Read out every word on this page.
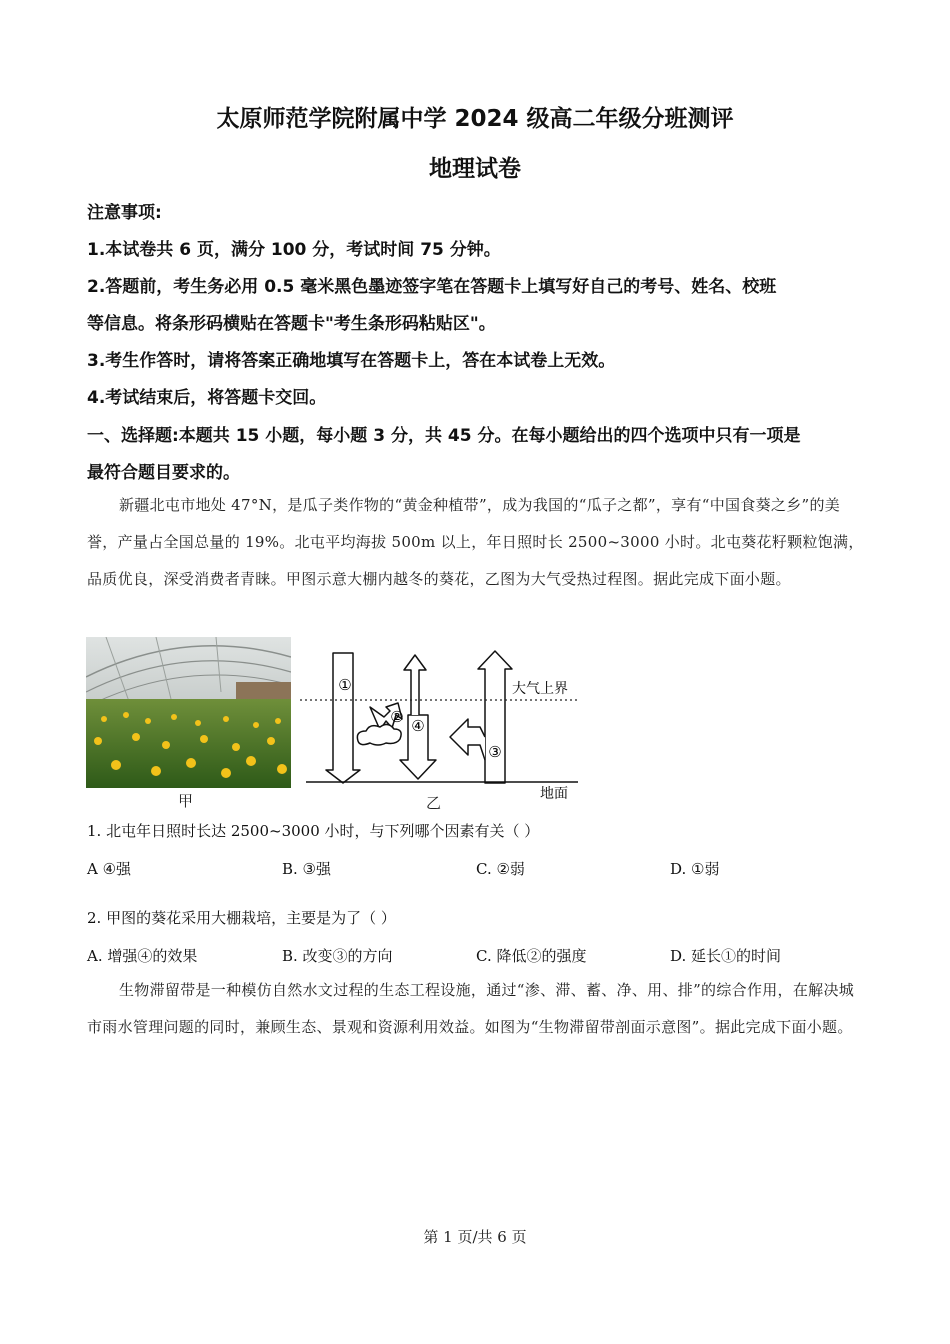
太原师范学院附属中学 2024 级高二年级分班测评
地理试卷
注意事项:
1.本试卷共 6 页，满分 100 分，考试时间 75 分钟。
2.答题前，考生务必用 0.5 毫米黑色墨迹签字笔在答题卡上填写好自己的考号、姓名、校班
等信息。将条形码横贴在答题卡"考生条形码粘贴区"。
3.考生作答时，请将答案正确地填写在答题卡上，答在本试卷上无效。
4.考试结束后，将答题卡交回。
一、选择题:本题共 15 小题，每小题 3 分，共 45 分。在每小题给出的四个选项中只有一项是
最符合题目要求的。
新疆北屯市地处 47°N，是瓜子类作物的“黄金种植带”，成为我国的“瓜子之都”，享有“中国食葵之乡”的美誉，产量占全国总量的 19%。北屯平均海拔 500m 以上，年日照时长 2500~3000 小时。北屯葵花籽颗粒饱满，品质优良，深受消费者青睐。甲图示意大棚内越冬的葵花，乙图为大气受热过程图。据此完成下面小题。
甲
①
②
③
④
大气上界
地面
乙
1. 北屯年日照时长达 2500~3000 小时，与下列哪个因素有关（ ）
A ④强	B. ③强	C. ②弱	D. ①弱
2. 甲图的葵花采用大棚栽培，主要是为了（ ）
A. 增强④的效果	B. 改变③的方向	C. 降低②的强度	D. 延长①的时间
生物滞留带是一种模仿自然水文过程的生态工程设施，通过“渗、滞、蓄、净、用、排”的综合作用，在解决城市雨水管理问题的同时，兼顾生态、景观和资源利用效益。如图为“生物滞留带剖面示意图”。据此完成下面小题。
第 1 页/共 6 页
